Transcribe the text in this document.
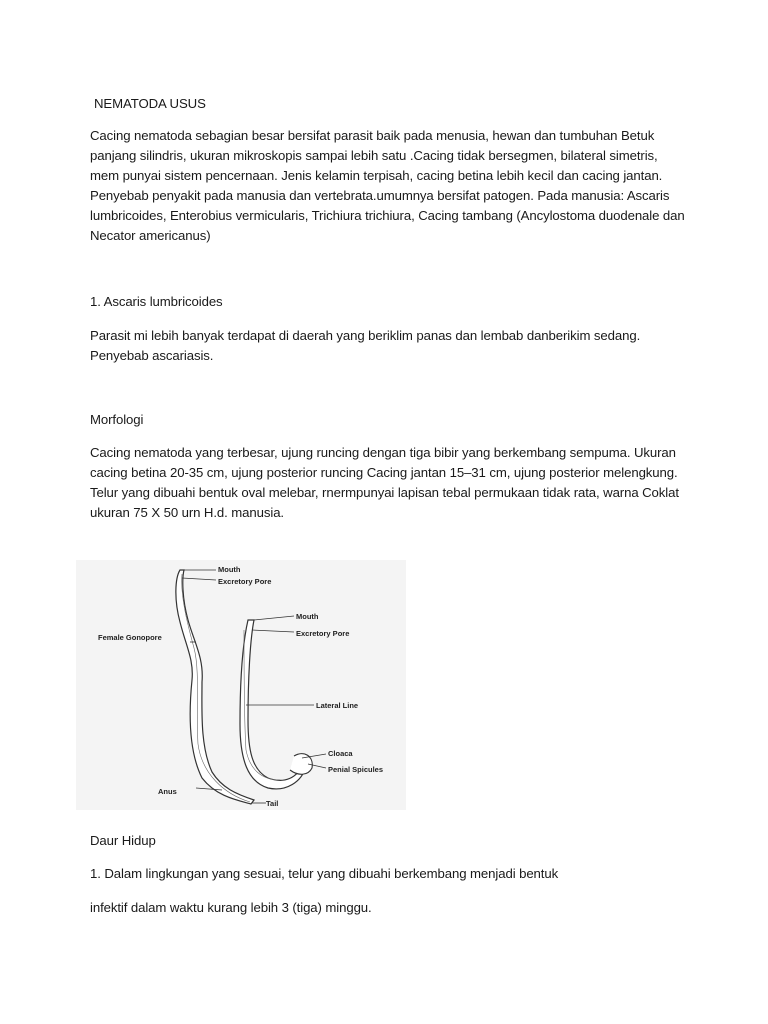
NEMATODA USUS

Cacing nematoda sebagian besar bersifat parasit baik pada menusia, hewan dan tumbuhan Betuk panjang silindris, ukuran mikroskopis sampai lebih satu .Cacing tidak bersegmen, bilateral simetris, mem punyai sistem pencernaan. Jenis kelamin terpisah, cacing betina lebih kecil dan cacing jantan. Penyebab penyakit pada manusia dan vertebrata.umumnya bersifat patogen. Pada manusia: Ascaris lumbricoides, Enterobius vermicularis, Trichiura trichiura, Cacing tambang (Ancylostoma duodenale dan Necator americanus)

1. Ascaris lumbricoides

Parasit mi lebih banyak terdapat di daerah yang beriklim panas dan lembab danberikim sedang. Penyebab ascariasis.

Morfologi

Cacing nematoda yang terbesar, ujung runcing dengan tiga bibir yang berkembang sempuma. Ukuran cacing betina 20-35 cm, ujung posterior runcing Cacing jantan 15–31 cm, ujung posterior melengkung. Telur yang dibuahi bentuk oval melebar, rnermpunyai lapisan tebal permukaan tidak rata, warna Coklat ukuran 75 X 50 urn H.d. manusia.

Mouth
Excretory Pore
Female Gonopore
Anus
Tail
Mouth
Excretory Pore
Lateral Line
Cloaca
Penial Spicules

Daur Hidup

1. Dalam lingkungan yang sesuai, telur yang dibuahi berkembang menjadi bentuk

infektif dalam waktu kurang lebih 3 (tiga) minggu.
